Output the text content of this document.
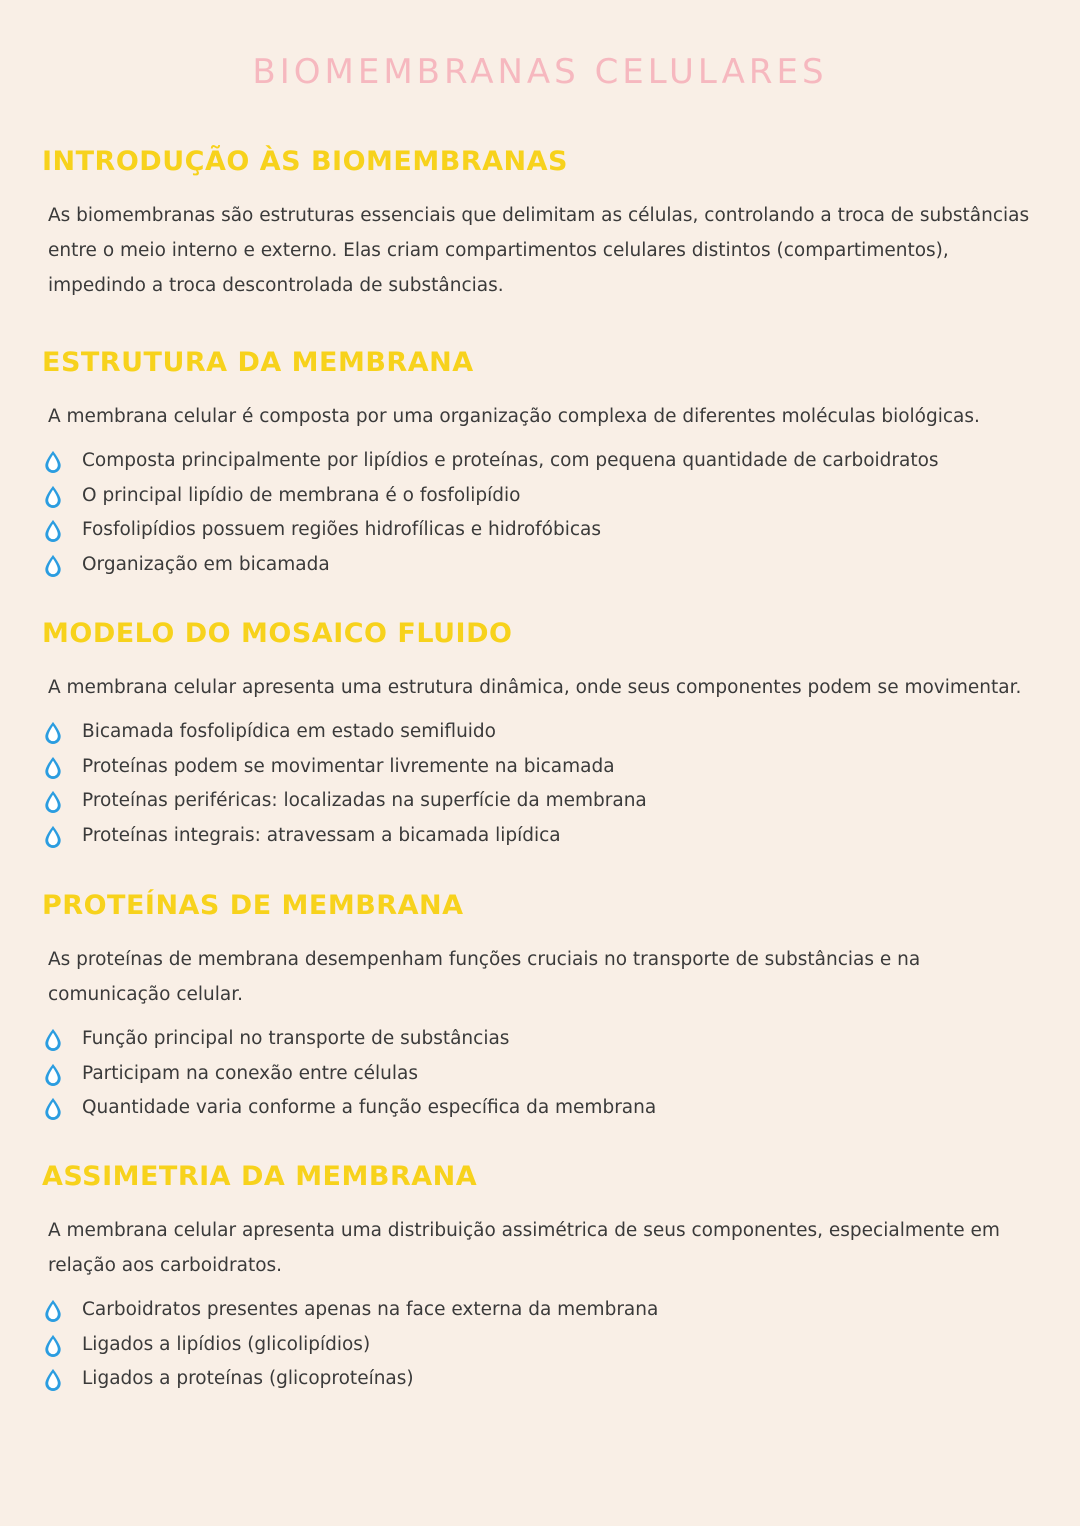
BIOMEMBRANAS CELULARES
INTRODUÇÃO ÀS BIOMEMBRANAS

As biomembranas são estruturas essenciais que delimitam as células, controlando a troca de substâncias

entre o meio interno e externo. Elas criam compartimentos celulares distintos (compartimentos),

impedindo a troca descontrolada de substâncias.

ESTRUTURA DA MEMBRANA

A membrana celular é composta por uma organização complexa de diferentes moléculas biológicas.

Composta principalmente por lipídios e proteínas, com pequena quantidade de carboidratos
O principal lipídio de membrana é o fosfolipídio
Fosfolipídios possuem regiões hidrofílicas e hidrofóbicas
Organização em bicamada
MODELO DO MOSAICO FLUIDO

A membrana celular apresenta uma estrutura dinâmica, onde seus componentes podem se movimentar.

Bicamada fosfolipídica em estado semifluido
Proteínas podem se movimentar livremente na bicamada
Proteínas periféricas: localizadas na superfície da membrana
Proteínas integrais: atravessam a bicamada lipídica
PROTEÍNAS DE MEMBRANA

As proteínas de membrana desempenham funções cruciais no transporte de substâncias e na

comunicação celular.

Função principal no transporte de substâncias
Participam na conexão entre células
Quantidade varia conforme a função específica da membrana
ASSIMETRIA DA MEMBRANA

A membrana celular apresenta uma distribuição assimétrica de seus componentes, especialmente em

relação aos carboidratos.

Carboidratos presentes apenas na face externa da membrana
Ligados a lipídios (glicolipídios)
Ligados a proteínas (glicoproteínas)
